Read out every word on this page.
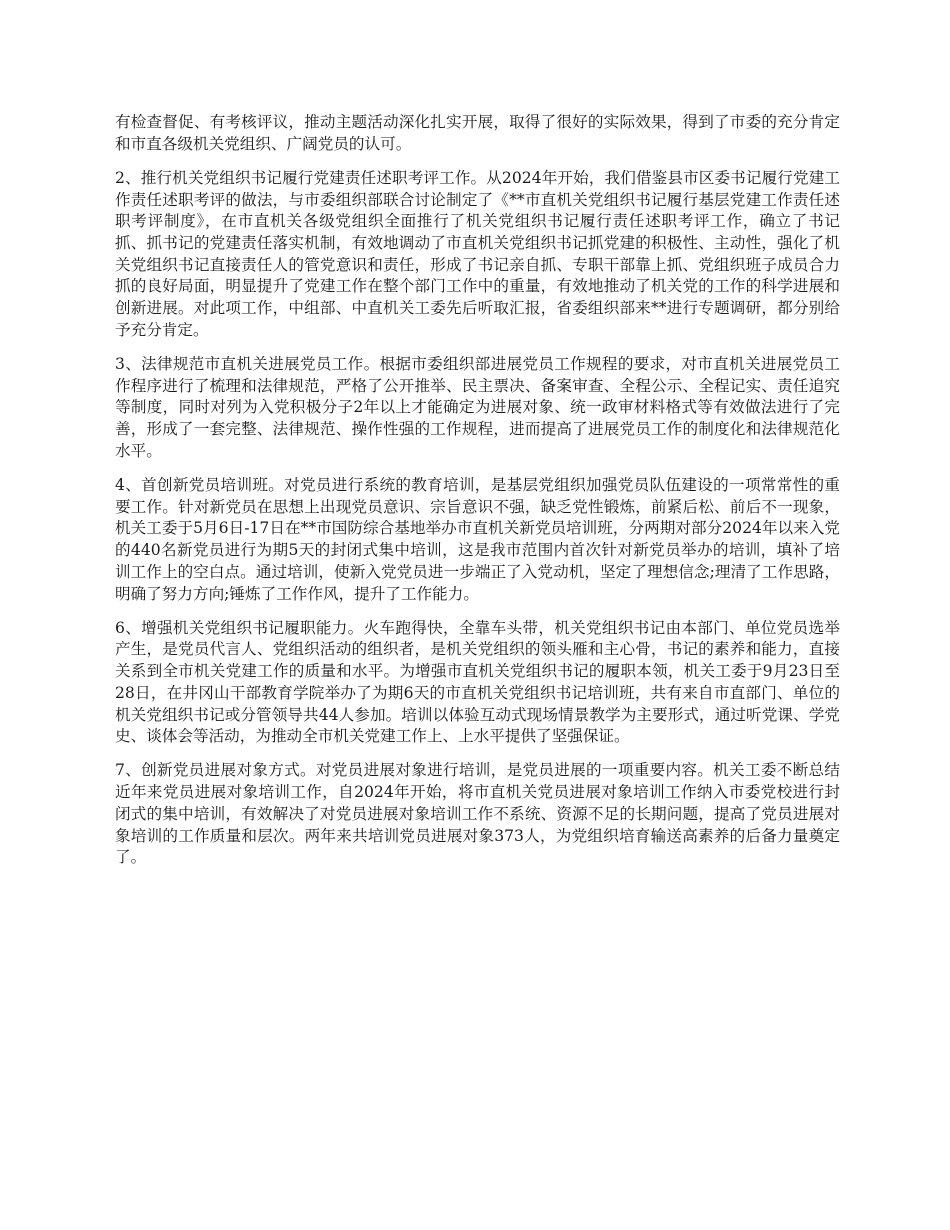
有检查督促、有考核评议，推动主题活动深化扎实开展，取得了很好的实际效果，得到了市委的充分肯定和市直各级机关党组织、广阔党员的认可。

2、推行机关党组织书记履行党建责任述职考评工作。从2024年开始，我们借鉴县市区委书记履行党建工作责任述职考评的做法，与市委组织部联合讨论制定了《**市直机关党组织书记履行基层党建工作责任述职考评制度》，在市直机关各级党组织全面推行了机关党组织书记履行责任述职考评工作，确立了书记抓、抓书记的党建责任落实机制，有效地调动了市直机关党组织书记抓党建的积极性、主动性，强化了机关党组织书记直接责任人的管党意识和责任，形成了书记亲自抓、专职干部靠上抓、党组织班子成员合力抓的良好局面，明显提升了党建工作在整个部门工作中的重量，有效地推动了机关党的工作的科学进展和创新进展。对此项工作，中组部、中直机关工委先后听取汇报，省委组织部来**进行专题调研，都分别给予充分肯定。

3、法律规范市直机关进展党员工作。根据市委组织部进展党员工作规程的要求，对市直机关进展党员工作程序进行了梳理和法律规范，严格了公开推举、民主票决、备案审查、全程公示、全程记实、责任追究等制度，同时对列为入党积极分子2年以上才能确定为进展对象、统一政审材料格式等有效做法进行了完善，形成了一套完整、法律规范、操作性强的工作规程，进而提高了进展党员工作的制度化和法律规范化水平。

4、首创新党员培训班。对党员进行系统的教育培训，是基层党组织加强党员队伍建设的一项常常性的重要工作。针对新党员在思想上出现党员意识、宗旨意识不强，缺乏党性锻炼，前紧后松、前后不一现象，机关工委于5月6日-17日在**市国防综合基地举办市直机关新党员培训班，分两期对部分2024年以来入党的440名新党员进行为期5天的封闭式集中培训，这是我市范围内首次针对新党员举办的培训，填补了培训工作上的空白点。通过培训，使新入党党员进一步端正了入党动机，坚定了理想信念;理清了工作思路，明确了努力方向;锤炼了工作作风，提升了工作能力。

6、增强机关党组织书记履职能力。火车跑得快，全靠车头带，机关党组织书记由本部门、单位党员选举产生，是党员代言人、党组织活动的组织者，是机关党组织的领头雁和主心骨，书记的素养和能力，直接关系到全市机关党建工作的质量和水平。为增强市直机关党组织书记的履职本领，机关工委于9月23日至28日，在井冈山干部教育学院举办了为期6天的市直机关党组织书记培训班，共有来自市直部门、单位的机关党组织书记或分管领导共44人参加。培训以体验互动式现场情景教学为主要形式，通过听党课、学党史、谈体会等活动，为推动全市机关党建工作上、上水平提供了坚强保证。

7、创新党员进展对象方式。对党员进展对象进行培训，是党员进展的一项重要内容。机关工委不断总结近年来党员进展对象培训工作，自2024年开始，将市直机关党员进展对象培训工作纳入市委党校进行封闭式的集中培训，有效解决了对党员进展对象培训工作不系统、资源不足的长期问题，提高了党员进展对象培训的工作质量和层次。两年来共培训党员进展对象373人，为党组织培育输送高素养的后备力量奠定了。
